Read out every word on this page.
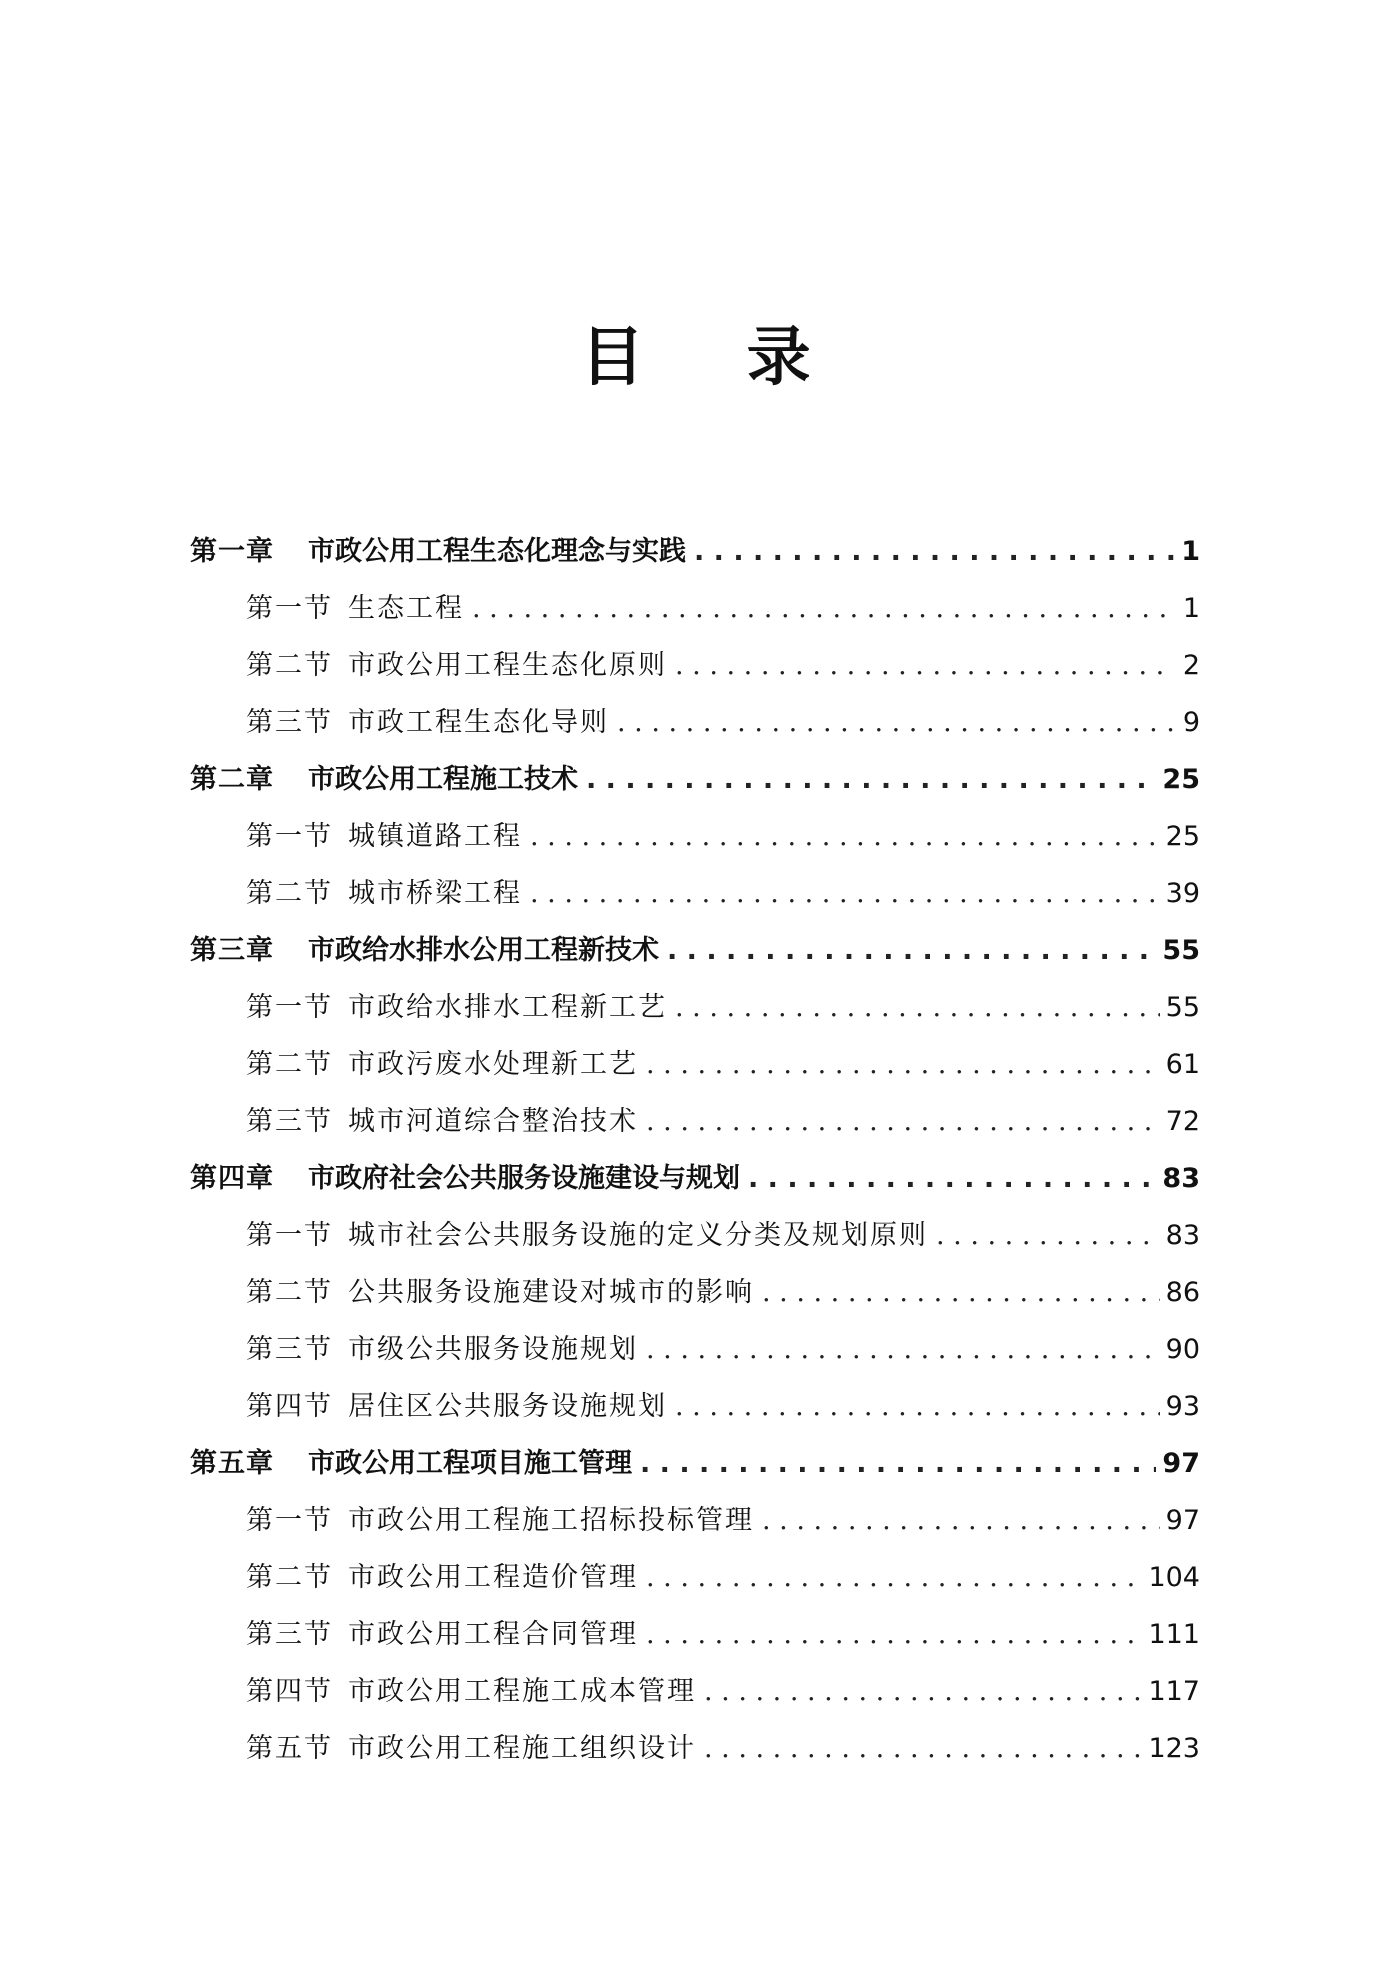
目 录
第一章	市政公用工程生态化理念与实践 . . .	1
第一节 生态工程 . . .	1
第二节 市政公用工程生态化原则 . . .	2
第三节 市政工程生态化导则 . . .	9
第二章	市政公用工程施工技术 . . .	25
第一节 城镇道路工程 . . .	25
第二节 城市桥梁工程 . . .	39
第三章	市政给水排水公用工程新技术 . . .	55
第一节 市政给水排水工程新工艺 . . .	55
第二节 市政污废水处理新工艺 . . .	61
第三节 城市河道综合整治技术 . . .	72
第四章	市政府社会公共服务设施建设与规划 . . .	83
第一节 城市社会公共服务设施的定义分类及规划原则 . . .	83
第二节 公共服务设施建设对城市的影响 . . .	86
第三节 市级公共服务设施规划 . . .	90
第四节 居住区公共服务设施规划 . . .	93
第五章	市政公用工程项目施工管理 . . .	97
第一节 市政公用工程施工招标投标管理 . . .	97
第二节 市政公用工程造价管理 . . .	104
第三节 市政公用工程合同管理 . . .	111
第四节 市政公用工程施工成本管理 . . .	117
第五节 市政公用工程施工组织设计 . . .	123
